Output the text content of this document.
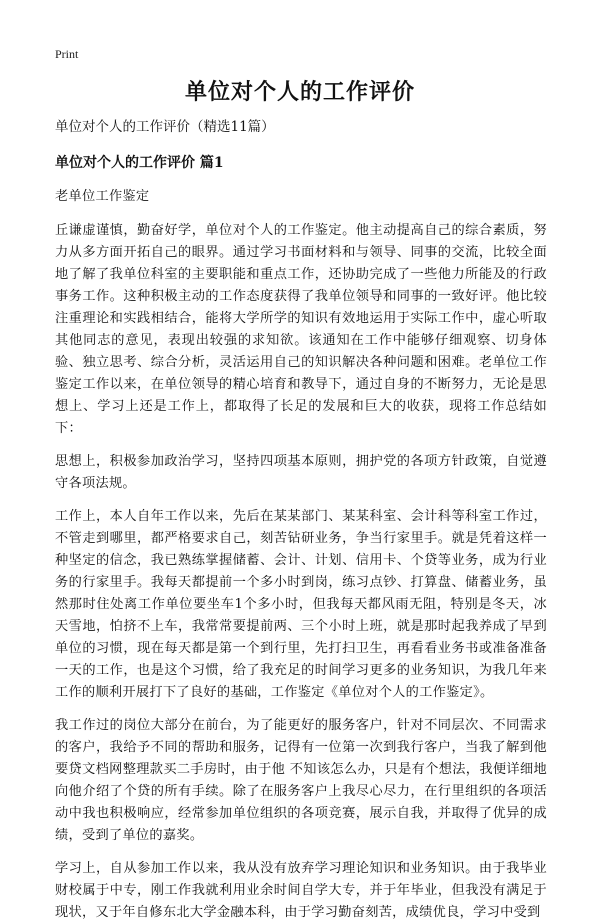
Print
单位对个人的工作评价

单位对个人的工作评价（精选11篇）

单位对个人的工作评价 篇1

老单位工作鉴定

丘谦虚谨慎，勤奋好学，单位对个人的工作鉴定。他主动提高自己的综合素质，努力从多方面开拓自己的眼界。通过学习书面材料和与领导、同事的交流，比较全面地了解了我单位科室的主要职能和重点工作，还协助完成了一些他力所能及的行政事务工作。这种积极主动的工作态度获得了我单位领导和同事的一致好评。他比较注重理论和实践相结合，能将大学所学的知识有效地运用于实际工作中，虚心听取其他同志的意见，表现出较强的求知欲。该通知在工作中能够仔细观察、切身体验、独立思考、综合分析，灵活运用自己的知识解决各种问题和困难。老单位工作鉴定工作以来，在单位领导的精心培育和教导下，通过自身的不断努力，无论是思想上、学习上还是工作上，都取得了长足的发展和巨大的收获，现将工作总结如下：

思想上，积极参加政治学习，坚持四项基本原则，拥护党的各项方针政策，自觉遵守各项法规。

工作上，本人自年工作以来，先后在某某部门、某某科室、会计科等科室工作过，不管走到哪里，都严格要求自己，刻苦钻研业务，争当行家里手。就是凭着这样一种坚定的信念，我已熟练掌握储蓄、会计、计划、信用卡、个贷等业务，成为行业务的行家里手。我每天都提前一个多小时到岗，练习点钞、打算盘、储蓄业务，虽然那时住处离工作单位要坐车1个多小时，但我每天都风雨无阻，特别是冬天，冰天雪地，怕挤不上车，我常常要提前两、三个小时上班，就是那时起我养成了早到单位的习惯，现在每天都是第一个到行里，先打扫卫生，再看看业务书或准备准备一天的工作，也是这个习惯，给了我充足的时间学习更多的业务知识，为我几年来工作的顺利开展打下了良好的基础，工作鉴定《单位对个人的工作鉴定》。

我工作过的岗位大部分在前台，为了能更好的服务客户，针对不同层次、不同需求的客户，我给予不同的帮助和服务，记得有一位第一次到我行客户，当我了解到他要贷文档网整理款买二手房时，由于他 不知该怎么办，只是有个想法，我便详细地向他介绍了个贷的所有手续。除了在服务客户上我尽心尽力，在行里组织的各项活动中我也积极响应，经常参加单位组织的各项竞赛，展示自我，并取得了优异的成绩，受到了单位的嘉奖。

学习上，自从参加工作以来，我从没有放弃学习理论知识和业务知识。由于我毕业财校属于中专，刚工作我就利用业余时间自学大专，并于年毕业，但我没有满足于现状，又于年自修东北大学金融本科，由于学习勤奋刻苦，成绩优良，学习中受到
